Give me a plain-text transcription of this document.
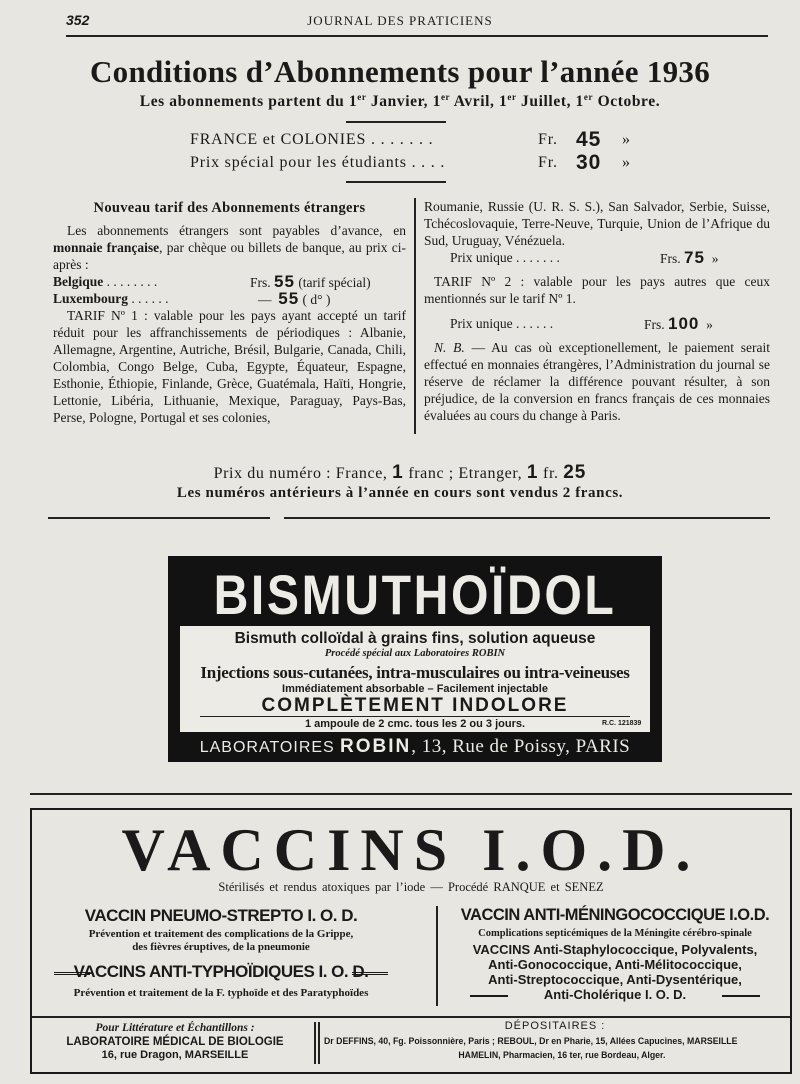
352	JOURNAL DES PRATICIENS
Conditions d’Abonnements pour l’année 1936
Les abonnements partent du 1er Janvier, 1er Avril, 1er Juillet, 1er Octobre.
FRANCE et COLONIES . . . . . . .	Fr. 45 »
Prix spécial pour les étudiants . . . .	Fr. 30 »

Nouveau tarif des Abonnements étrangers

Les abonnements étrangers sont payables d’avance, en monnaie française, par chèque ou billets de banque, au prix ci-après :

Belgique . . . . . . . .	Frs. 55 (tarif spécial)
Luxembourg . . . . . .	— 55 ( d° )

TARIF Nº 1 : valable pour les pays ayant accepté un tarif réduit pour les affranchissements de périodiques : Albanie, Allemagne, Argentine, Autriche, Brésil, Bulgarie, Canada, Chili, Colombia, Congo Belge, Cuba, Egypte, Équateur, Espagne, Esthonie, Éthiopie, Finlande, Grèce, Guatémala, Haïti, Hongrie, Lettonie, Libéria, Lithuanie, Mexique, Paraguay, Pays-Bas, Perse, Pologne, Portugal et ses colonies,

Roumanie, Russie (U. R. S. S.), San Salvador, Serbie, Suisse, Tchécoslovaquie, Terre-Neuve, Turquie, Union de l’Afrique du Sud, Uruguay, Vénézuela.

Prix unique . . . . . . .	Frs. 75 »

TARIF Nº 2 : valable pour les pays autres que ceux mentionnés sur le tarif Nº 1.

Prix unique . . . . . .	Frs. 100 »

N. B. — Au cas où exceptionellement, le paiement serait effectué en monnaies étrangères, l’Administration du journal se réserve de réclamer la différence pouvant résulter, à son préjudice, de la conversion en francs français de ces monnaies évaluées au cours du change à Paris.

Prix du numéro : France, 1 franc ; Etranger, 1 fr. 25
Les numéros antérieurs à l’année en cours sont vendus 2 francs.
BISMUTHOÏDOL
Bismuth colloïdal à grains fins, solution aqueuse
Procédé spécial aux Laboratoires ROBIN
Injections sous-cutanées, intra-musculaires ou intra-veineuses
Immédiatement absorbable – Facilement injectable
COMPLÈTEMENT INDOLORE
1 ampoule de 2 cmc. tous les 2 ou 3 jours.	R.C. 121839
LABORATOIRES ROBIN, 13, Rue de Poissy, PARIS
VACCINS I.O.D.
Stérilisés et rendus atoxiques par l’iode — Procédé RANQUE et SENEZ
VACCIN PNEUMO-STREPTO I. O. D.
Prévention et traitement des complications de la Grippe,
des fièvres éruptives, de la pneumonie
VACCINS ANTI-TYPHOÏDIQUES I. O. D.
Prévention et traitement de la F. typhoïde et des Paratyphoïdes
VACCIN ANTI-MÉNINGOCOCCIQUE I.O.D.
Complications septicémiques de la Méningite cérébro-spinale
VACCINS Anti-Staphylococcique, Polyvalents,
Anti-Gonococcique, Anti-Mélitococcique,
Anti-Streptococcique, Anti-Dysentérique,
Anti-Cholérique I. O. D.
Pour Littérature et Échantillons :
LABORATOIRE MÉDICAL DE BIOLOGIE
16, rue Dragon, MARSEILLE
DÉPOSITAIRES :
Dr DEFFINS, 40, Fg. Poissonnière, Paris ; REBOUL, Dr en Pharie, 15, Allées Capucines, MARSEILLE
HAMELIN, Pharmacien, 16 ter, rue Bordeau, Alger.
